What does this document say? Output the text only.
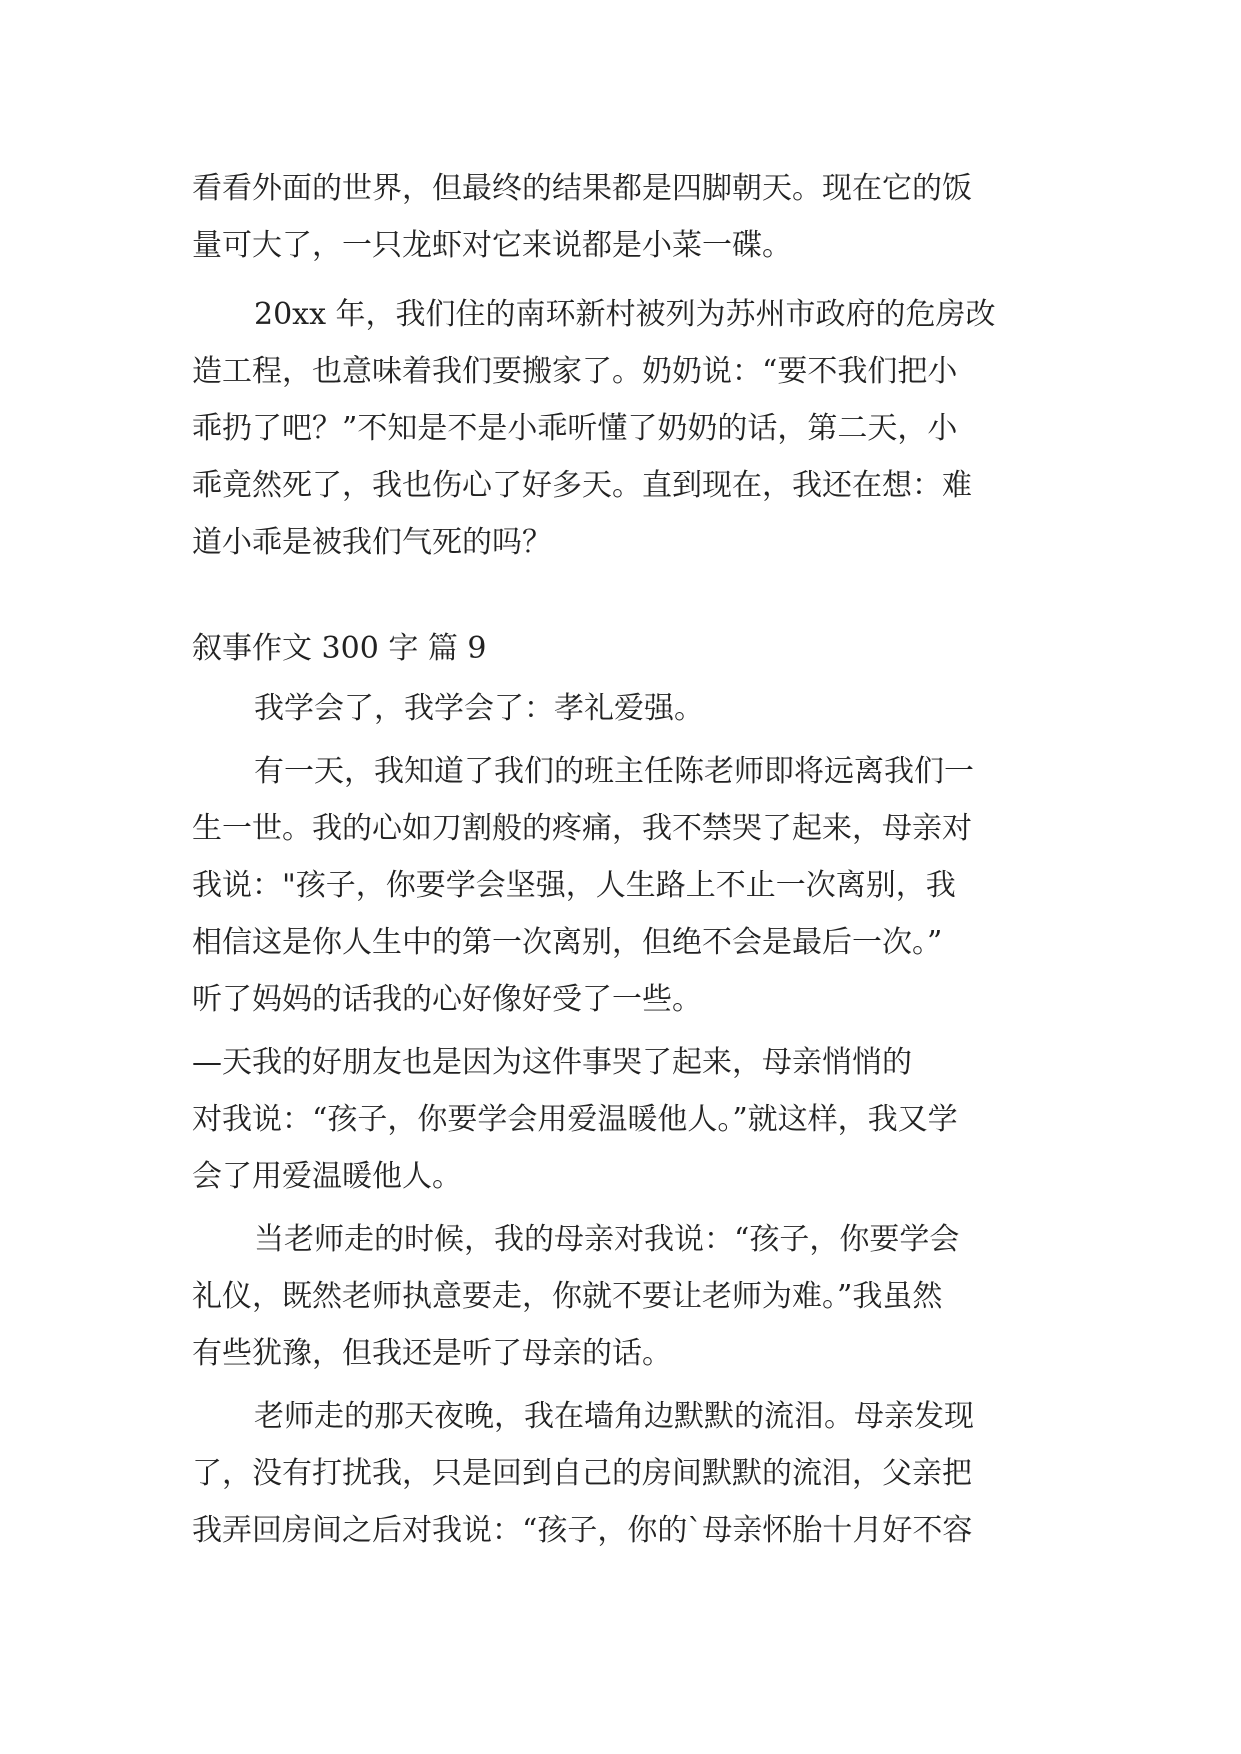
看看外面的世界，但最终的结果都是四脚朝天。现在它的饭
量可大了，一只龙虾对它来说都是小菜一碟。
20xx 年，我们住的南环新村被列为苏州市政府的危房改
造工程，也意味着我们要搬家了。奶奶说：“要不我们把小
乖扔了吧？”不知是不是小乖听懂了奶奶的话，第二天，小
乖竟然死了，我也伤心了好多天。直到现在，我还在想：难
道小乖是被我们气死的吗？
叙事作文 300 字 篇 9
我学会了，我学会了：孝礼爱强。
有一天，我知道了我们的班主任陈老师即将远离我们一
生一世。我的心如刀割般的疼痛，我不禁哭了起来，母亲对
我说："孩子，你要学会坚强，人生路上不止一次离别，我
相信这是你人生中的第一次离别，但绝不会是最后一次。”
听了妈妈的话我的心好像好受了一些。
—天我的好朋友也是因为这件事哭了起来，母亲悄悄的
对我说：“孩子，你要学会用爱温暖他人。”就这样，我又学
会了用爱温暖他人。
当老师走的时候，我的母亲对我说：“孩子，你要学会
礼仪，既然老师执意要走，你就不要让老师为难。”我虽然
有些犹豫，但我还是听了母亲的话。
老师走的那天夜晚，我在墙角边默默的流泪。母亲发现
了，没有打扰我，只是回到自己的房间默默的流泪，父亲把
我弄回房间之后对我说：“孩子，你的`母亲怀胎十月好不容
